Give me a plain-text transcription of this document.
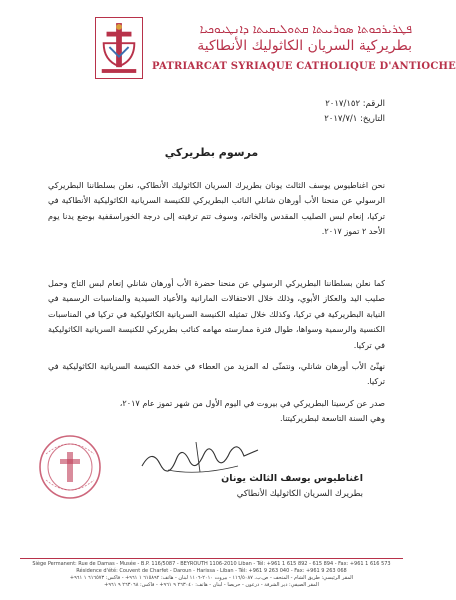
ܦܛܪܝܪܟܘܬܐ ܣܘܪܝܝܬܐ ܩܬܘܠܝܩܝܬܐ ܕܐܢܛܝܘܟܝܐ
بطريركية السريان الكاثوليك الأنطاكية
PATRIARCAT SYRIAQUE CATHOLIQUE D'ANTIOCHE
الرقم: ٢٠١٧/١٥٢
التاريخ: ٢٠١٧/٧/١
مرسوم بطريركي
نحن اغناطيوس يوسف الثالث يونان بطريرك السريان الكاثوليك الأنطاكي، نعلن بسلطاننا البطريركي الرسولي عن منحنا الأب أورهان شانلي النائب البطريركي للكنيسة السريانية الكاثوليكية الأنطاكية في تركيا، إنعام لبس الصليب المقدس والخاتم، وسوف تتم ترقيته إلى درجة الخوراسقفية بوضع يدنا يوم الأحد ٢ تموز ٢٠١٧.
كما نعلن بسلطاننا البطريركي الرسولي عن منحنا حضرة الأب أورهان شانلي إنعام لبس التاج وحمل صليب اليد والعكاز الأبوي، وذلك خلال الاحتفالات المارانية والأعياد السيدية والمناسبات الرسمية في النيابة البطريركية في تركيا، وكذلك خلال تمثيله الكنيسة السريانية الكاثوليكية في تركيا في المناسبات الكنسية والرسمية وسواها، طوال فترة ممارسته مهامه كنائب بطريركي للكنيسة السريانية الكاثوليكية في تركيا.
نهنّئ الأب أورهان شانلي، ونتمنّى له المزيد من العطاء في خدمة الكنيسة السريانية الكاثوليكية في تركيا.
صدر عن كرسينا البطريركي في بيروت في اليوم الأول من شهر تموز عام ٢٠١٧،
وهي السنة التاسعة لبطريركيتنا.
اغناطيوس يوسف الثالث يونان
بطريرك السريان الكاثوليك الأنطاكي
Siège Permanent: Rue de Damas - Musée - B.P. 116/5087 - BEYROUTH 1106-2010 Liban - Tél: +961 1 615 892 - 615 894 - Fax: +961 1 616 573
Résidence d'été: Couvent de Charfet - Daroun - Harissa - Liban - Tél: +961 9 263 040 - Fax: +961 9 263 068
المقر الرئيسي: طريق الشام - المتحف - ص.ب. ١١٦/٥٠٨٧ - بيروت ٢٠١٠-١١٠٦ لبنان - هاتف: ٦١٥٨٩٢ ١ ٩٦١+ - فاكس: ٦١٦٥٧٣ ١ ٩٦١+
المقر الصيفي: دير الشرفة - درعون - حريصا - لبنان - هاتف: ٢٦٣٠٤٠ ٩ ٩٦١+ - فاكس: ٢٦٣٠٦٨ ٩ ٩٦١+
